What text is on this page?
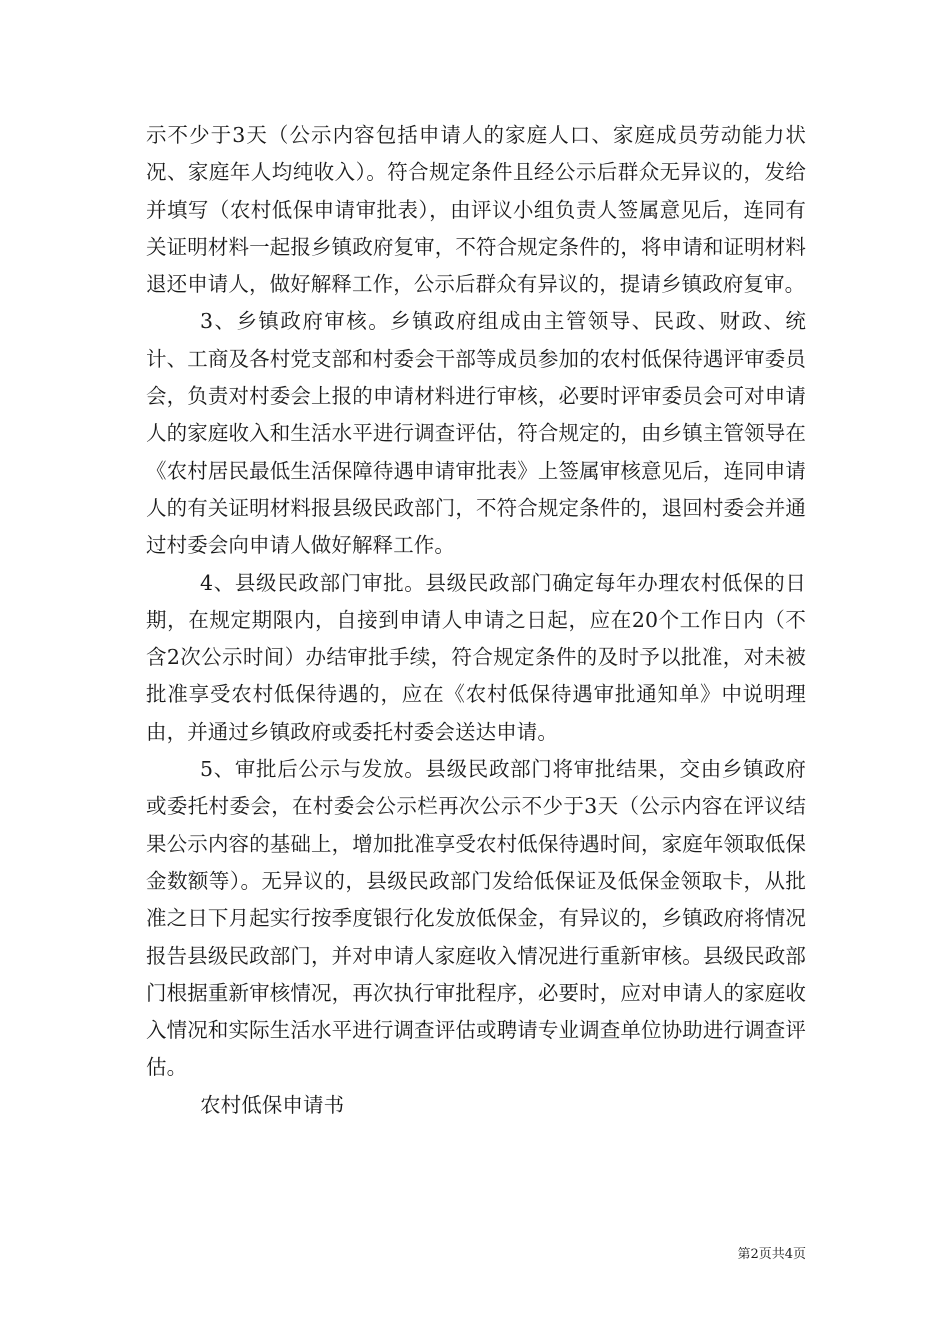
示不少于3天（公示内容包括申请人的家庭人口、家庭成员劳动能力状况、家庭年人均纯收入）。符合规定条件且经公示后群众无异议的，发给并填写（农村低保申请审批表），由评议小组负责人签属意见后，连同有关证明材料一起报乡镇政府复审，不符合规定条件的，将申请和证明材料退还申请人，做好解释工作，公示后群众有异议的，提请乡镇政府复审。

3、乡镇政府审核。乡镇政府组成由主管领导、民政、财政、统计、工商及各村党支部和村委会干部等成员参加的农村低保待遇评审委员会，负责对村委会上报的申请材料进行审核，必要时评审委员会可对申请人的家庭收入和生活水平进行调查评估，符合规定的，由乡镇主管领导在《农村居民最低生活保障待遇申请审批表》上签属审核意见后，连同申请人的有关证明材料报县级民政部门，不符合规定条件的，退回村委会并通过村委会向申请人做好解释工作。

4、县级民政部门审批。县级民政部门确定每年办理农村低保的日期，在规定期限内，自接到申请人申请之日起，应在20个工作日内（不含2次公示时间）办结审批手续，符合规定条件的及时予以批准，对未被批准享受农村低保待遇的，应在《农村低保待遇审批通知单》中说明理由，并通过乡镇政府或委托村委会送达申请。

5、审批后公示与发放。县级民政部门将审批结果，交由乡镇政府或委托村委会，在村委会公示栏再次公示不少于3天（公示内容在评议结果公示内容的基础上，增加批准享受农村低保待遇时间，家庭年领取低保金数额等）。无异议的，县级民政部门发给低保证及低保金领取卡，从批准之日下月起实行按季度银行化发放低保金，有异议的，乡镇政府将情况报告县级民政部门，并对申请人家庭收入情况进行重新审核。县级民政部门根据重新审核情况，再次执行审批程序，必要时，应对申请人的家庭收入情况和实际生活水平进行调查评估或聘请专业调查单位协助进行调查评估。

农村低保申请书

第2页共4页
